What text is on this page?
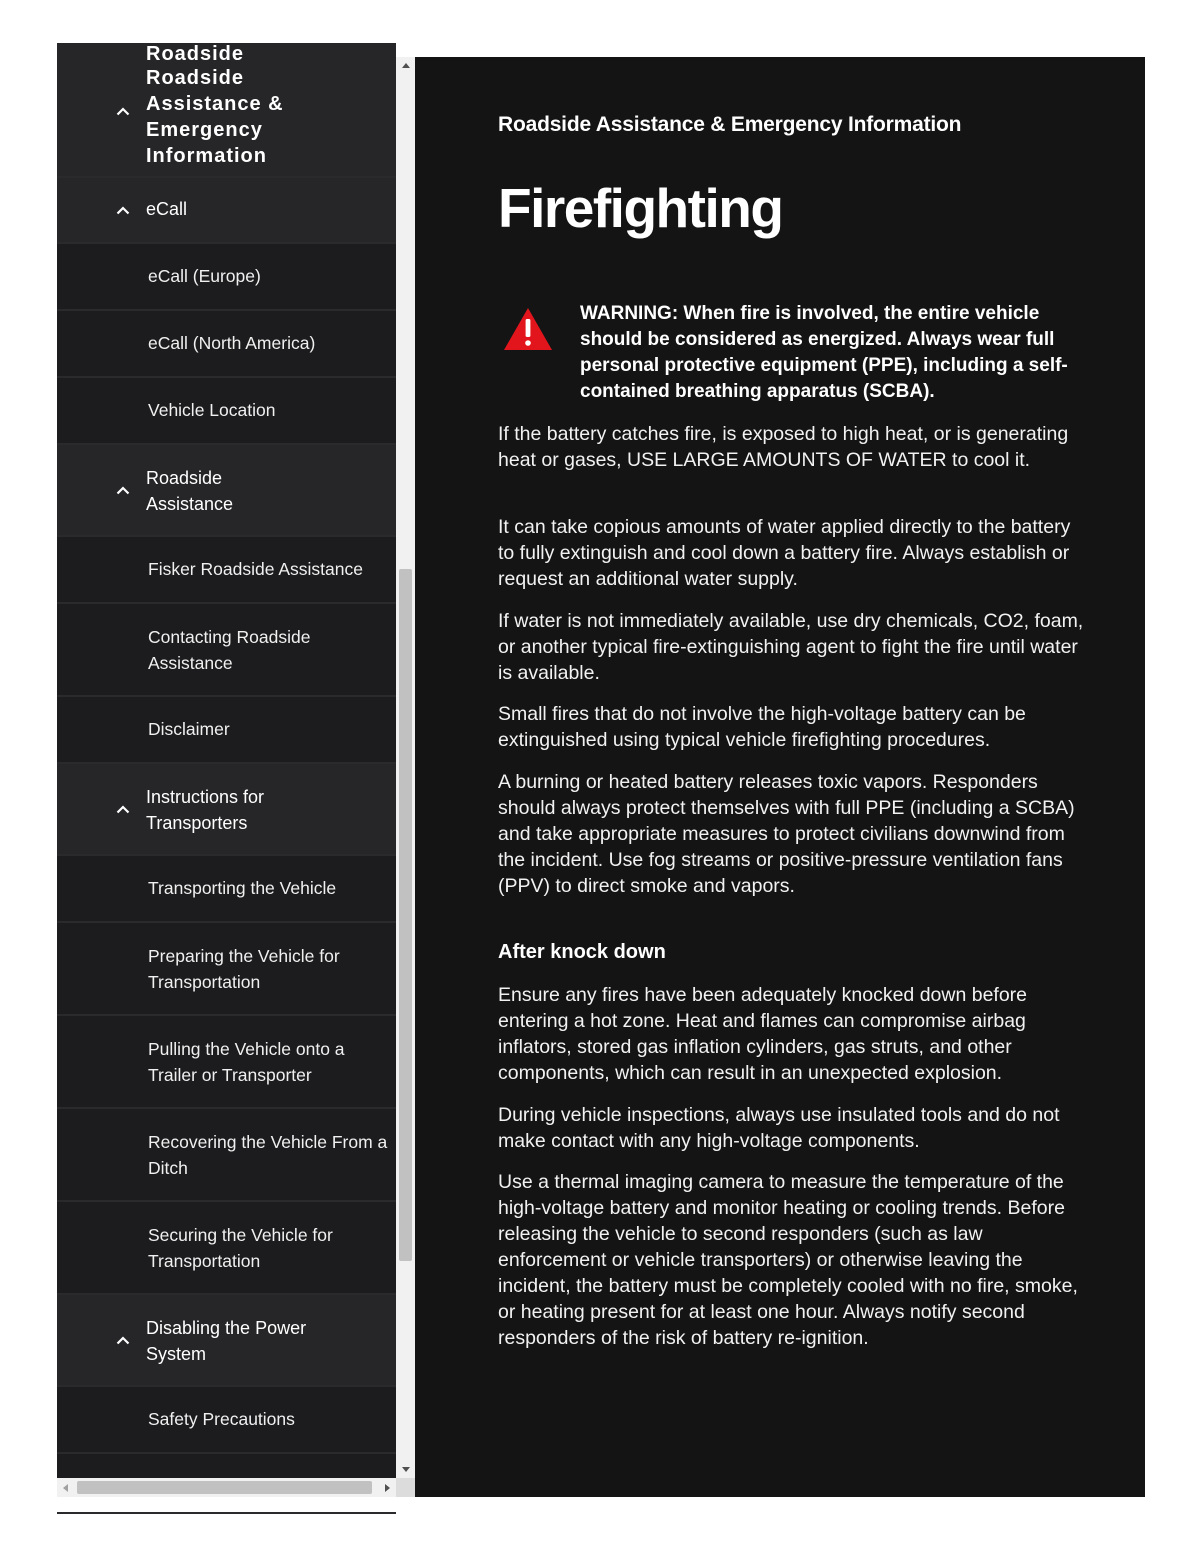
Roadside
Roadside Assistance & Emergency Information
eCall
eCall (Europe)
eCall (North America)
Vehicle Location
Roadside Assistance
Fisker Roadside Assistance
Contacting Roadside Assistance
Disclaimer
Instructions for Transporters
Transporting the Vehicle
Preparing the Vehicle for Transportation
Pulling the Vehicle onto a Trailer or Transporter
Recovering the Vehicle From a Ditch
Securing the Vehicle for Transportation
Disabling the Power System
Safety Precautions
Roadside Assistance & Emergency Information
Firefighting
WARNING: When fire is involved, the entire vehicle should be considered as energized. Always wear full personal protective equipment (PPE), including a self-contained breathing apparatus (SCBA).

If the battery catches fire, is exposed to high heat, or is generating heat or gases, USE LARGE AMOUNTS OF WATER to cool it.

It can take copious amounts of water applied directly to the battery to fully extinguish and cool down a battery fire. Always establish or request an additional water supply.

If water is not immediately available, use dry chemicals, CO2, foam, or another typical fire-extinguishing agent to fight the fire until water is available.

Small fires that do not involve the high-voltage battery can be extinguished using typical vehicle firefighting procedures.

A burning or heated battery releases toxic vapors. Responders should always protect themselves with full PPE (including a SCBA) and take appropriate measures to protect civilians downwind from the incident. Use fog streams or positive-pressure ventilation fans (PPV) to direct smoke and vapors.

After knock down

Ensure any fires have been adequately knocked down before entering a hot zone. Heat and flames can compromise airbag inflators, stored gas inflation cylinders, gas struts, and other components, which can result in an unexpected explosion.

During vehicle inspections, always use insulated tools and do not make contact with any high-voltage components.

Use a thermal imaging camera to measure the temperature of the high-voltage battery and monitor heating or cooling trends. Before releasing the vehicle to second responders (such as law enforcement or vehicle transporters) or otherwise leaving the incident, the battery must be completely cooled with no fire, smoke, or heating present for at least one hour. Always notify second responders of the risk of battery re-ignition.
